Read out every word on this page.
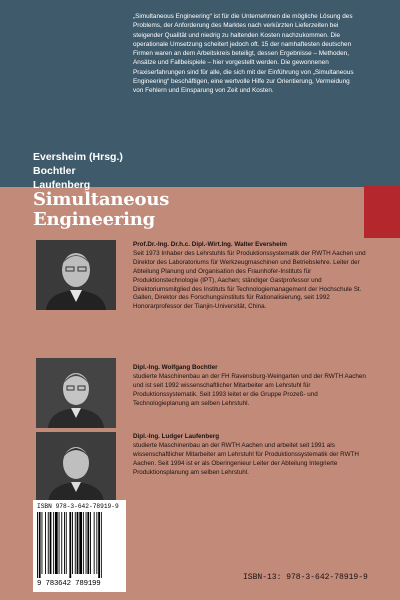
„Simultaneous Engineering“ ist für die Unternehmen die mögliche Lösung des Problems, der Anforderung des Marktes nach verkürzten Lieferzeiten bei steigender Qualität und niedrig zu haltenden Kosten nachzukommen. Die operationale Umsetzung scheitert jedoch oft. 15 der namhaftesten deutschen Firmen waren an dem Arbeitskreis beteiligt, dessen Ergebnisse – Methoden, Ansätze und Fallbeispiele – hier vorgestellt werden. Die gewonnenen Praxiserfahrungen sind für alle, die sich mit der Einführung von „Simultaneous Engineering“ beschäftigen, eine wertvolle Hilfe zur Orientierung, Vermeidung von Fehlern und Einsparung von Zeit und Kosten.

Eversheim (Hrsg.)
Bochtler
Laufenberg
Simultaneous
Engineering

Prof.Dr.-Ing. Dr.h.c. Dipl.-Wirt.Ing. Walter Eversheim

Seit 1973 Inhaber des Lehrstuhls für Produktionssystematik der RWTH Aachen und Direktor des Laboratoriums für Werkzeugmaschinen und Betriebslehre. Leiter der Abteilung Planung und Organisation des Fraunhofer-Instituts für Produktionstechnologie (IPT), Aachen; ständiger Gastprofessor und Direktoriumsmitglied des Instituts für Technologiemanagement der Hochschule St. Gallen, Direktor des Forschungsinstituts für Rationalisierung, seit 1992 Honorarprofessor der Tianjin-Universität, China.

Dipl.-Ing. Wolfgang Bochtler

studierte Maschinenbau an der FH Ravensburg-Weingarten und der RWTH Aachen und ist seit 1992 wissenschaftlicher Mitarbeiter am Lehrstuhl für Produktionssystematik. Seit 1993 leitet er die Gruppe Prozeß- und Technologieplanung am selben Lehrstuhl.

Dipl.-Ing. Ludger Laufenberg

studierte Maschinenbau an der RWTH Aachen und arbeitet seit 1991 als wissenschaftlicher Mitarbeiter am Lehrstuhl für Produktionssystematik der RWTH Aachen. Seit 1994 ist er als Oberingenieur Leiter der Abteilung Integrierte Produktionsplanung am selben Lehrstuhl.

ISBN 978-3-642-78919-9
9 783642 789199
ISBN-13: 978-3-642-78919-9
